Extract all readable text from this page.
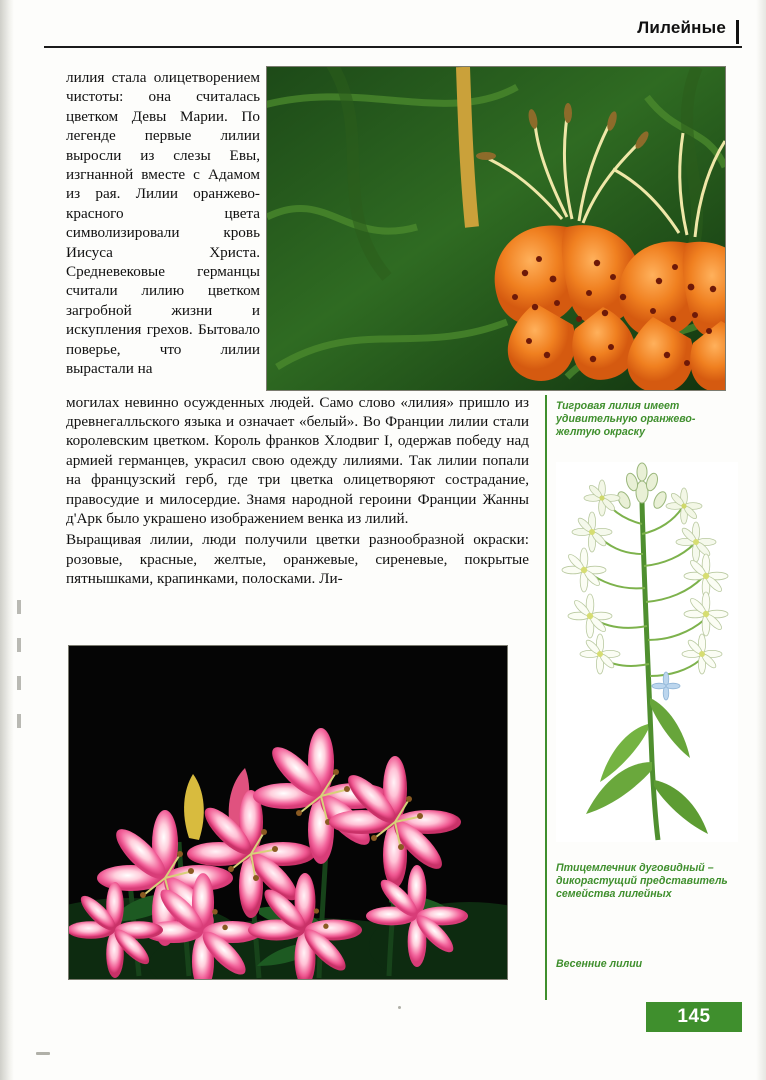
Лилейные

лилия стала олицетворением чистоты: она считалась цветком Девы Марии. По легенде первые лилии выросли из слезы Евы, изгнанной вместе с Адамом из рая. Лилии оранжево-красного цвета символизировали кровь Иисуса Христа. Средневековые германцы считали лилию цветком загробной жизни и искупления грехов. Бытовало поверье, что лилии вырастали на

могилах невинно осужденных людей. Само слово «лилия» пришло из древнегалльского языка и означает «белый». Во Франции лилии стали королевским цветком. Король франков Хлодвиг I, одержав победу над армией германцев, украсил свою одежду лилиями. Так лилии попали на французский герб, где три цветка олицетворяют сострадание, правосудие и милосердие. Знамя народной героини Франции Жанны д'Арк было украшено изображением венка из лилий.

Выращивая лилии, люди получили цветки разнообразной окраски: розовые, красные, желтые, оранжевые, сиреневые, покрытые пятнышками, крапинками, полосками. Ли-

Тигровая лилия имеет удивительную оранжево-желтую окраску
Птицемлечник дуговидный – дикорастущий представитель семейства лилейных
Весенние лилии
145
